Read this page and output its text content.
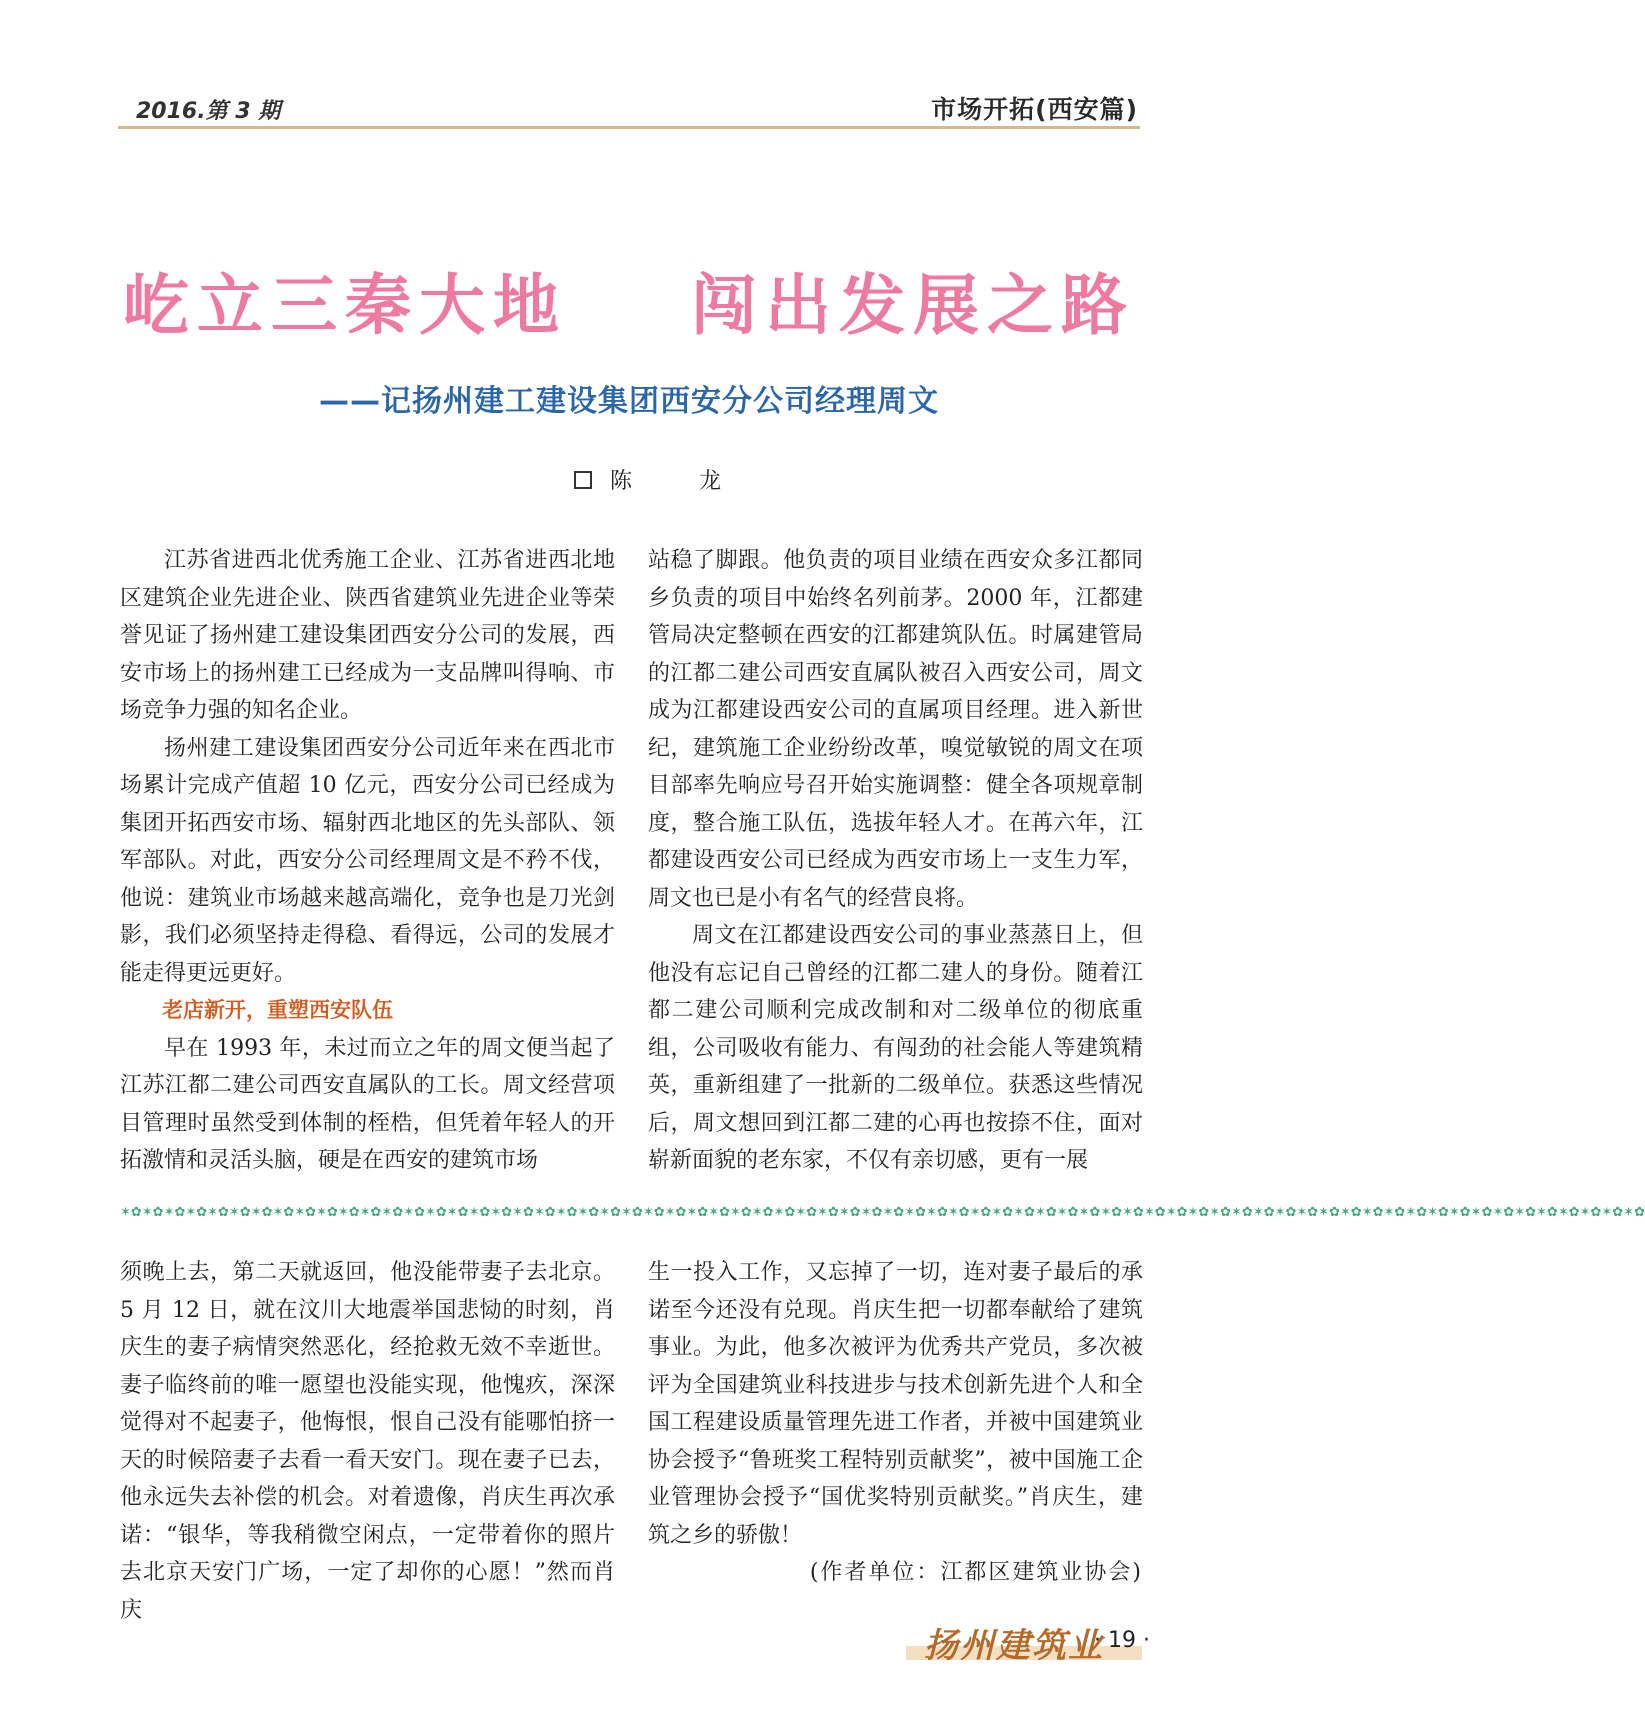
2016.第 3 期	市场开拓(西安篇)
屹立三秦大地    闯出发展之路
——记扬州建工建设集团西安分公司经理周文
陈 龙

江苏省进西北优秀施工企业、江苏省进西北地区建筑企业先进企业、陕西省建筑业先进企业等荣誉见证了扬州建工建设集团西安分公司的发展，西安市场上的扬州建工已经成为一支品牌叫得响、市场竞争力强的知名企业。

扬州建工建设集团西安分公司近年来在西北市场累计完成产值超 10 亿元，西安分公司已经成为集团开拓西安市场、辐射西北地区的先头部队、领军部队。对此，西安分公司经理周文是不矜不伐，他说：建筑业市场越来越高端化，竞争也是刀光剑影，我们必须坚持走得稳、看得远，公司的发展才能走得更远更好。

老店新开，重塑西安队伍

早在 1993 年，未过而立之年的周文便当起了江苏江都二建公司西安直属队的工长。周文经营项目管理时虽然受到体制的桎梏，但凭着年轻人的开拓激情和灵活头脑，硬是在西安的建筑市场

站稳了脚跟。他负责的项目业绩在西安众多江都同乡负责的项目中始终名列前茅。2000 年，江都建管局决定整顿在西安的江都建筑队伍。时属建管局的江都二建公司西安直属队被召入西安公司，周文成为江都建设西安公司的直属项目经理。进入新世纪，建筑施工企业纷纷改革，嗅觉敏锐的周文在项目部率先响应号召开始实施调整：健全各项规章制度，整合施工队伍，选拔年轻人才。在苒六年，江都建设西安公司已经成为西安市场上一支生力军，周文也已是小有名气的经营良将。

周文在江都建设西安公司的事业蒸蒸日上，但他没有忘记自己曾经的江都二建人的身份。随着江都二建公司顺利完成改制和对二级单位的彻底重组，公司吸收有能力、有闯劲的社会能人等建筑精英，重新组建了一批新的二级单位。获悉这些情况后，周文想回到江都二建的心再也按捺不住，面对崭新面貌的老东家，不仅有亲切感，更有一展

✶✿✶✿✶✿✶✿✶✿✶✿✶✿✶✿✶✿✶✿✶✿✶✿✶✿✶✿✶✿✶✿✶✿✶✿✶✿✶✿✶✿✶✿✶✿✶✿✶✿✶✿✶✿✶✿✶✿✶✿✶✿✶✿✶✿✶✿✶✿✶✿✶✿✶✿✶✿✶✿✶✿✶✿✶✿✶✿✶✿✶✿✶✿✶✿✶✿✶✿✶✿✶✿✶✿✶✿✶✿✶✿✶✿✶✿✶✿✶✿✶✿✶✿✶✿✶✿✶✿✶✿✶✿✶✿✶✿✶✿

须晚上去，第二天就返回，他没能带妻子去北京。5 月 12 日，就在汶川大地震举国悲恸的时刻，肖庆生的妻子病情突然恶化，经抢救无效不幸逝世。妻子临终前的唯一愿望也没能实现，他愧疚，深深觉得对不起妻子，他悔恨，恨自己没有能哪怕挤一天的时候陪妻子去看一看天安门。现在妻子已去，他永远失去补偿的机会。对着遗像，肖庆生再次承诺：“银华，等我稍微空闲点，一定带着你的照片去北京天安门广场，一定了却你的心愿！”然而肖庆

生一投入工作，又忘掉了一切，连对妻子最后的承诺至今还没有兑现。肖庆生把一切都奉献给了建筑事业。为此，他多次被评为优秀共产党员，多次被评为全国建筑业科技进步与技术创新先进个人和全国工程建设质量管理先进工作者，并被中国建筑业协会授予“鲁班奖工程特别贡献奖”，被中国施工企业管理协会授予“国优奖特别贡献奖。”肖庆生，建筑之乡的骄傲！

(作者单位：江都区建筑业协会)

扬州建筑业
· 19 ·
